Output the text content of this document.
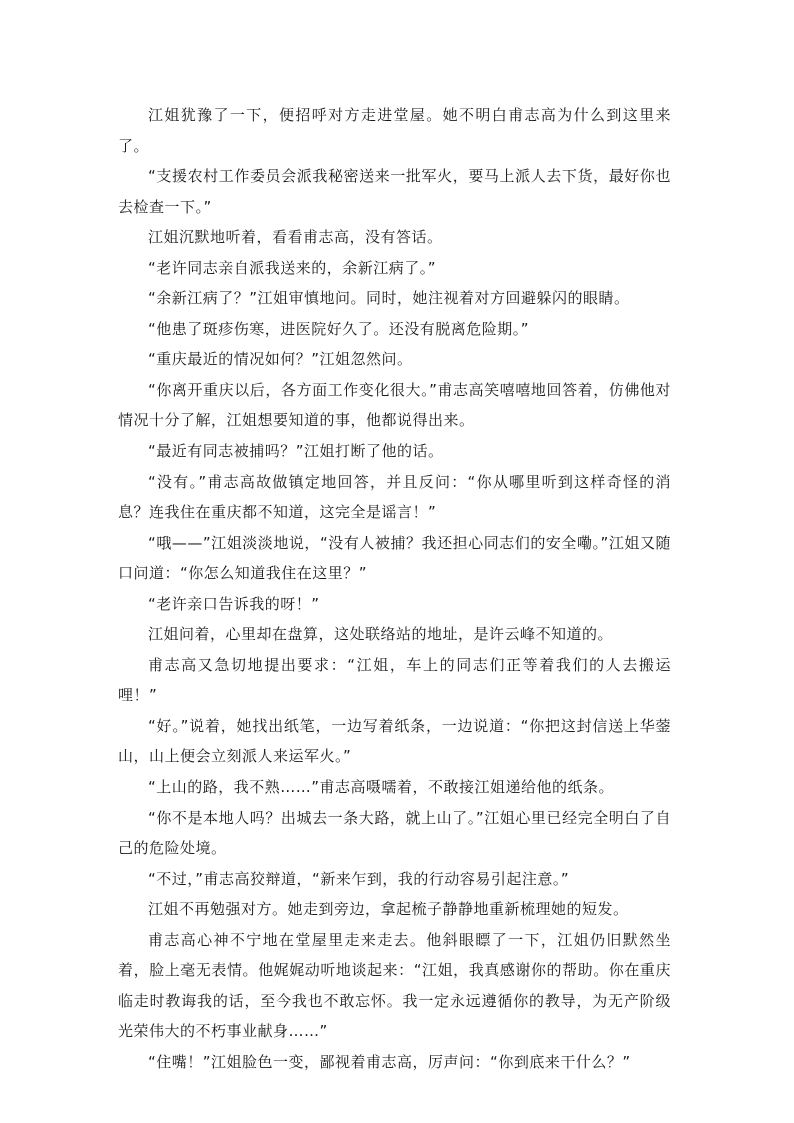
江姐犹豫了一下，便招呼对方走进堂屋。她不明白甫志高为什么到这里来了。

“支援农村工作委员会派我秘密送来一批军火，要马上派人去下货，最好你也去检查一下。”

江姐沉默地听着，看看甫志高，没有答话。

“老许同志亲自派我送来的，余新江病了。”

“余新江病了？”江姐审慎地问。同时，她注视着对方回避躲闪的眼睛。

“他患了斑疹伤寒，进医院好久了。还没有脱离危险期。”

“重庆最近的情况如何？”江姐忽然问。

“你离开重庆以后，各方面工作变化很大。”甫志高笑嘻嘻地回答着，仿佛他对情况十分了解，江姐想要知道的事，他都说得出来。

“最近有同志被捕吗？”江姐打断了他的话。

“没有。”甫志高故做镇定地回答，并且反问：“你从哪里听到这样奇怪的消息？连我住在重庆都不知道，这完全是谣言！”

“哦——”江姐淡淡地说，“没有人被捕？我还担心同志们的安全嘞。”江姐又随口问道：“你怎么知道我住在这里？”

“老许亲口告诉我的呀！”

江姐问着，心里却在盘算，这处联络站的地址，是许云峰不知道的。

甫志高又急切地提出要求：“江姐，车上的同志们正等着我们的人去搬运哩！”

“好。”说着，她找出纸笔，一边写着纸条，一边说道：“你把这封信送上华蓥山，山上便会立刻派人来运军火。”

“上山的路，我不熟……”甫志高嗫嚅着，不敢接江姐递给他的纸条。

“你不是本地人吗？出城去一条大路，就上山了。”江姐心里已经完全明白了自己的危险处境。

“不过，”甫志高狡辩道，“新来乍到，我的行动容易引起注意。”

江姐不再勉强对方。她走到旁边，拿起梳子静静地重新梳理她的短发。

甫志高心神不宁地在堂屋里走来走去。他斜眼瞟了一下，江姐仍旧默然坐着，脸上毫无表情。他娓娓动听地谈起来：“江姐，我真感谢你的帮助。你在重庆临走时教诲我的话，至今我也不敢忘怀。我一定永远遵循你的教导，为无产阶级光荣伟大的不朽事业献身……”

“住嘴！”江姐脸色一变，鄙视着甫志高，厉声问：“你到底来干什么？”
